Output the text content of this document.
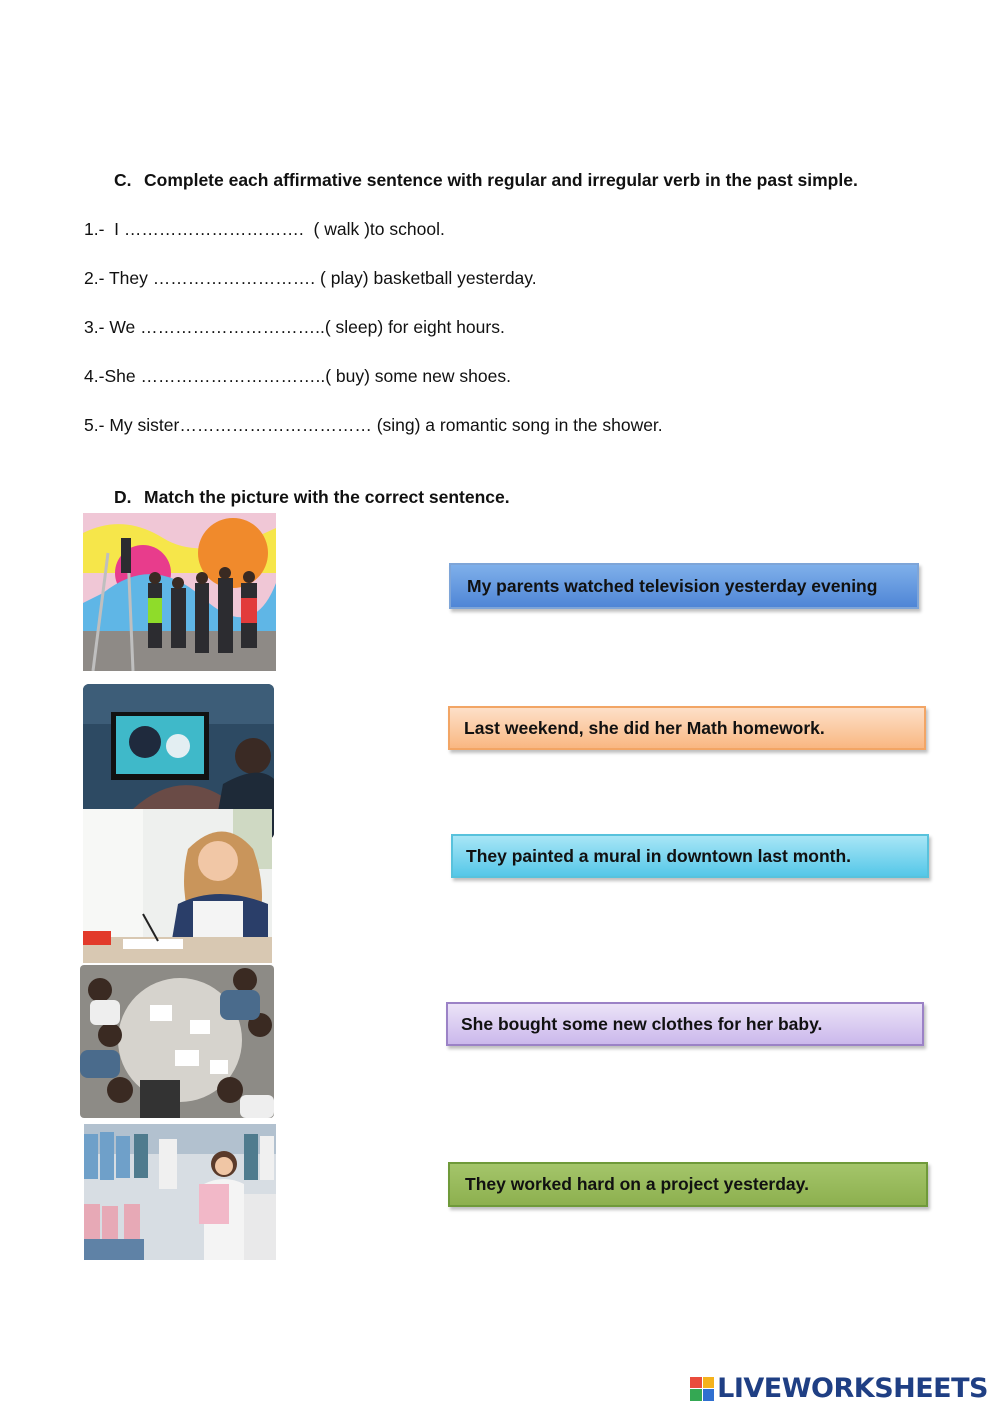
C. Complete each affirmative sentence with regular and irregular verb in the past simple.
1.- I …………………………. ( walk )to school.
2.- They ………………………. ( play) basketball yesterday.
3.- We …………………………..( sleep) for eight hours.
4.-She …………………………..( buy) some new shoes.
5.- My sister…………………………… (sing) a romantic song in the shower.
D. Match the picture with the correct sentence.
My parents watched television yesterday evening
Last weekend, she did her Math homework.
They painted a mural in downtown last month.
She bought some new clothes for her baby.
They worked hard on a project yesterday.
LIVEWORKSHEETS
